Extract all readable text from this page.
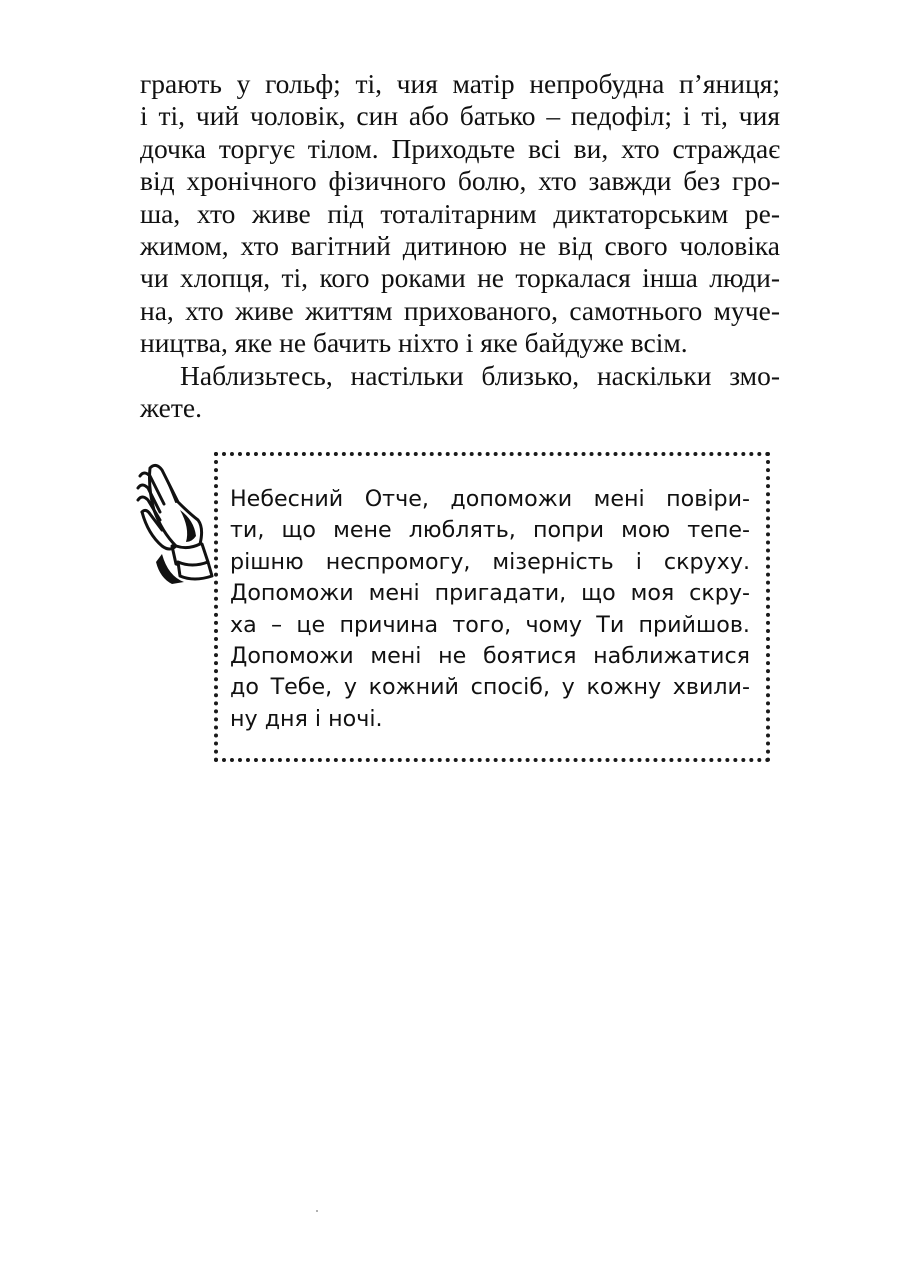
грають у гольф; ті, чия матір непробудна п’яниця;
і ті, чий чоловік, син або батько – педофіл; і ті, чия
дочка торгує тілом. Приходьте всі ви, хто страждає
від хронічного фізичного болю, хто завжди без гро-
ша, хто живе під тоталітарним диктаторським ре-
жимом, хто вагітний дитиною не від свого чоловіка
чи хлопця, ті, кого роками не торкалася інша люди-
на, хто живе життям прихованого, самотнього муче-
ництва, яке не бачить ніхто і яке байдуже всім.
Наблизьтесь, настільки близько, наскільки змо-
жете.
Небесний Отче, допоможи мені повіри-
ти, що мене люблять, попри мою тепе-
рішню неспромогу, мізерність і скруху.
Допоможи мені пригадати, що моя скру-
ха – це причина того, чому Ти прийшов.
Допоможи мені не боятися наближатися
до Тебе, у кожний спосіб, у кожну хвили-
ну дня і ночі.
